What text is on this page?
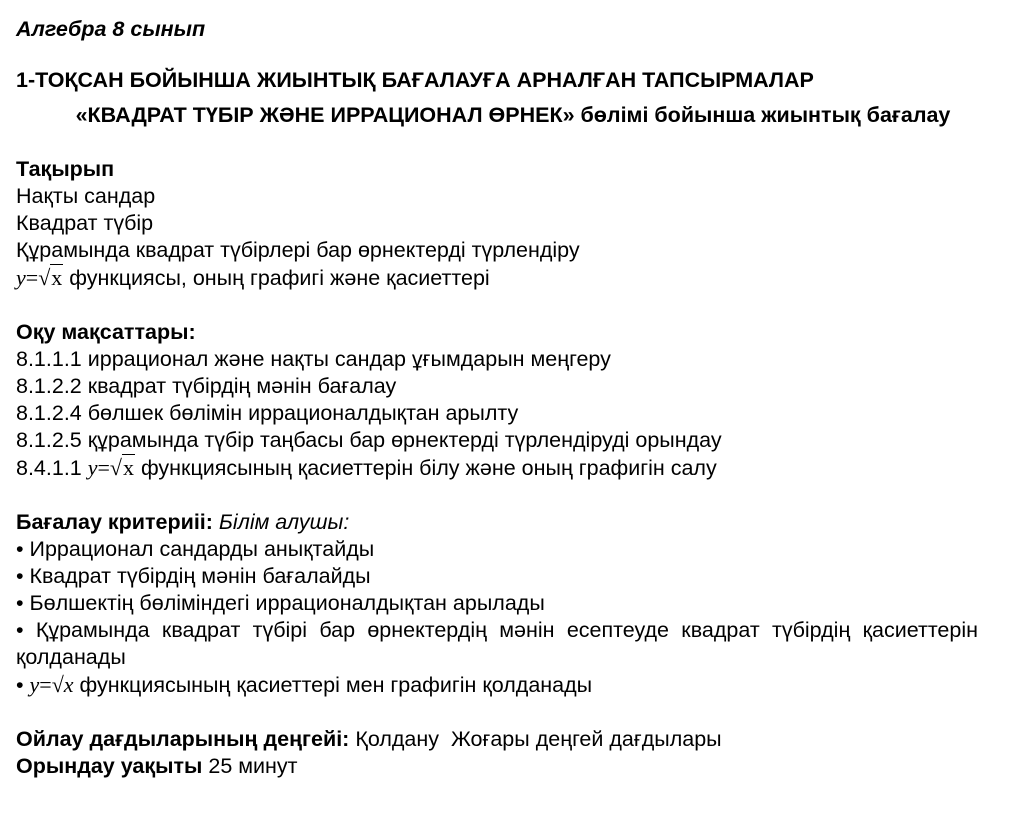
Алгебра 8 сынып

1-ТОҚСАН БОЙЫНША ЖИЫНТЫҚ БАҒАЛАУҒА АРНАЛҒАН ТАПСЫРМАЛАР

«КВАДРАТ ТҮБІР ЖӘНЕ ИРРАЦИОНАЛ ӨРНЕК» бөлімі бойынша жиынтық бағалау

Тақырып

Нақты сандар

Квадрат түбір

Құрамында квадрат түбірлері бар өрнектерді түрлендіру

y=√x функциясы, оның графигі және қасиеттері

Оқу мақсаттары:

8.1.1.1 иррационал және нақты сандар ұғымдарын меңгеру

8.1.2.2 квадрат түбірдің мәнін бағалау

8.1.2.4 бөлшек бөлімін иррационалдықтан арылту

8.1.2.5 құрамында түбір таңбасы бар өрнектерді түрлендіруді орындау

8.4.1.1 y=√x функциясының қасиеттерін білу және оның графигін салу

Бағалау критериіі: Білім алушы:

• Иррационал сандарды анықтайды

• Квадрат түбірдің мәнін бағалайды

• Бөлшектің бөліміндегі иррационалдықтан арылады

• Құрамында квадрат түбірі бар өрнектердің мәнін есептеуде квадрат түбірдің қасиеттерін қолданады

• y=√x функциясының қасиеттері мен графигін қолданады

Ойлау дағдыларының деңгейі: Қолдану  Жоғары деңгей дағдылары

Орындау уақыты 25 минут
